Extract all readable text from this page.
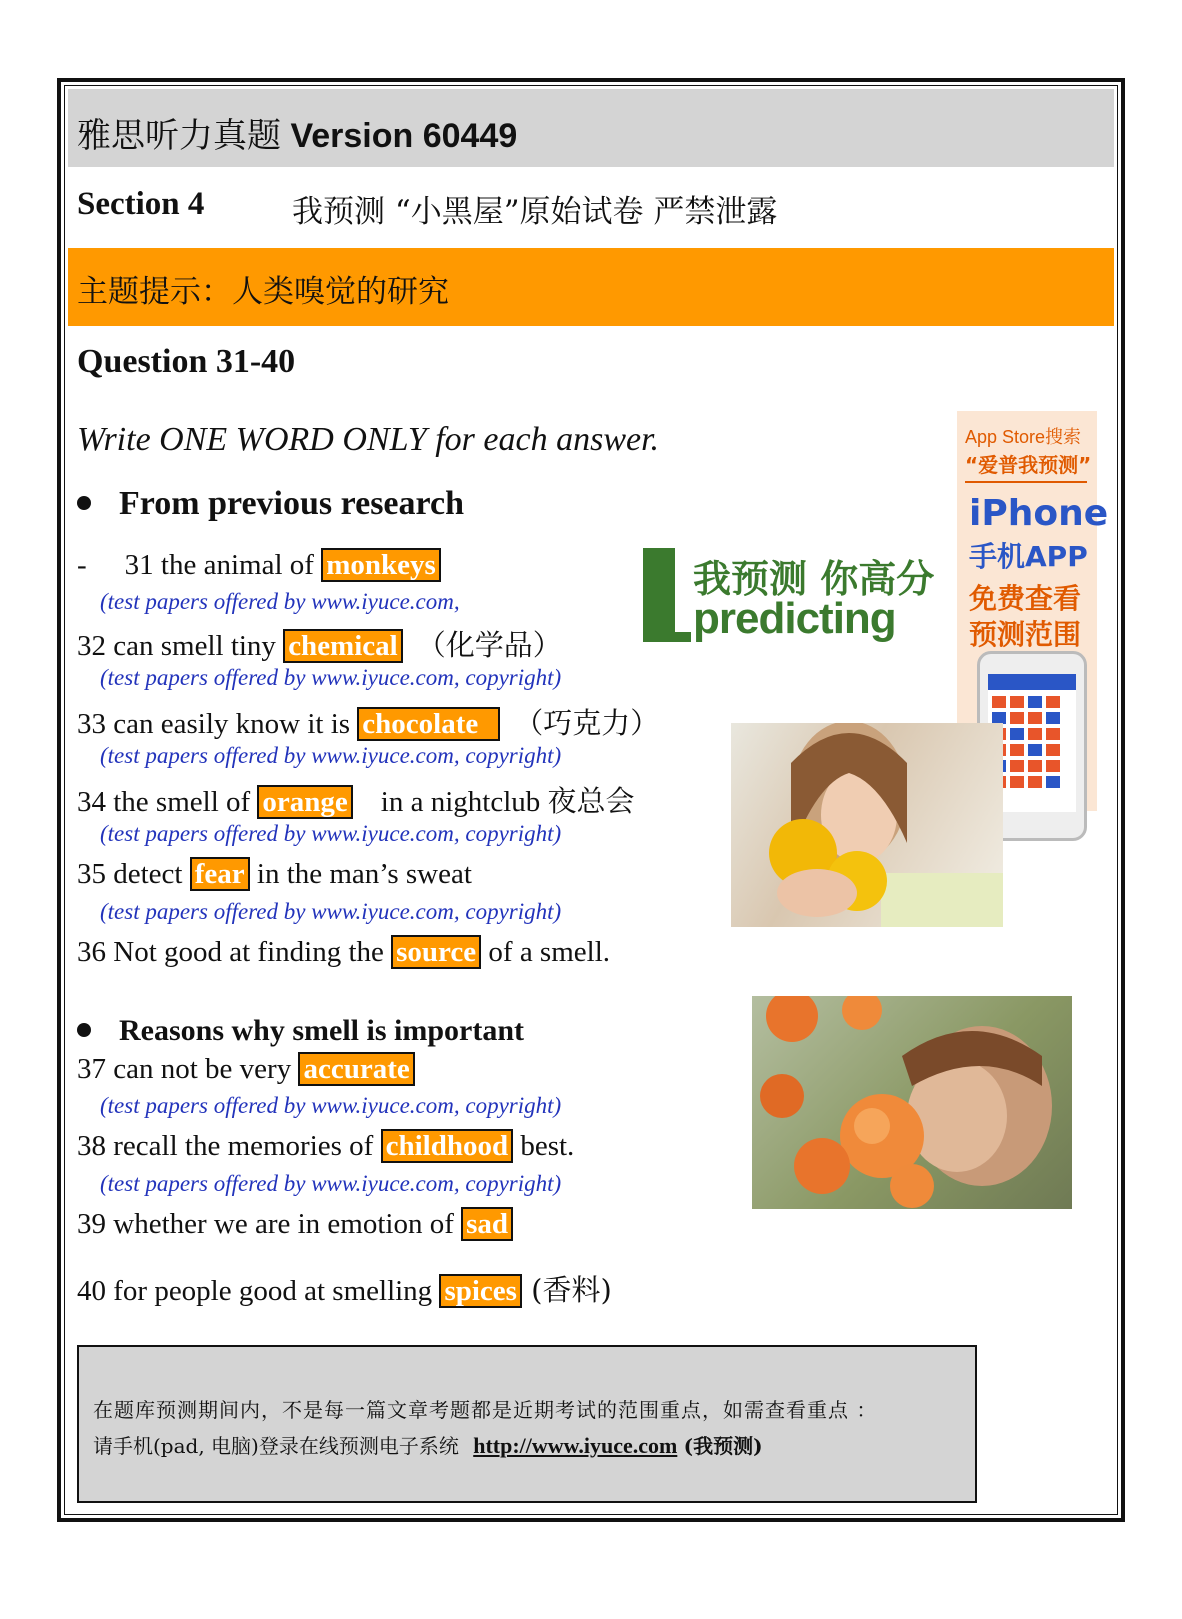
雅思听力真题 Version 60449
Section 4	我预测 “小黑屋”原始试卷 严禁泄露
主题提示：人类嗅觉的研究
Question 31-40
Write ONE WORD ONLY for each answer.
From previous research
- 31 the animal of monkeys
(test papers offered by www.iyuce.com,
32 can smell tiny chemical （化学品）
(test papers offered by www.iyuce.com, copyright)
33 can easily know it is chocolate（巧克力）
(test papers offered by www.iyuce.com, copyright)
34 the smell of orange in a nightclub 夜总会
(test papers offered by www.iyuce.com, copyright)
35 detect fear in the man’s sweat
(test papers offered by www.iyuce.com, copyright)
36 Not good at finding the source of a smell.
Reasons why smell is important
37 can not be very accurate
(test papers offered by www.iyuce.com, copyright)
38 recall the memories of childhood best.
(test papers offered by www.iyuce.com, copyright)
39 whether we are in emotion of sad
40 for people good at smelling spices (香料)
在题库预测期间内，不是每一篇文章考题都是近期考试的范围重点，如需查看重点 ：
请手机(pad, 电脑)登录在线预测电子系统 http://www.iyuce.com (我预测)
我预测 你高分
predicting
App Store搜索
“爱普我预测”
iPhone
手机APP
免费查看
预测范围
